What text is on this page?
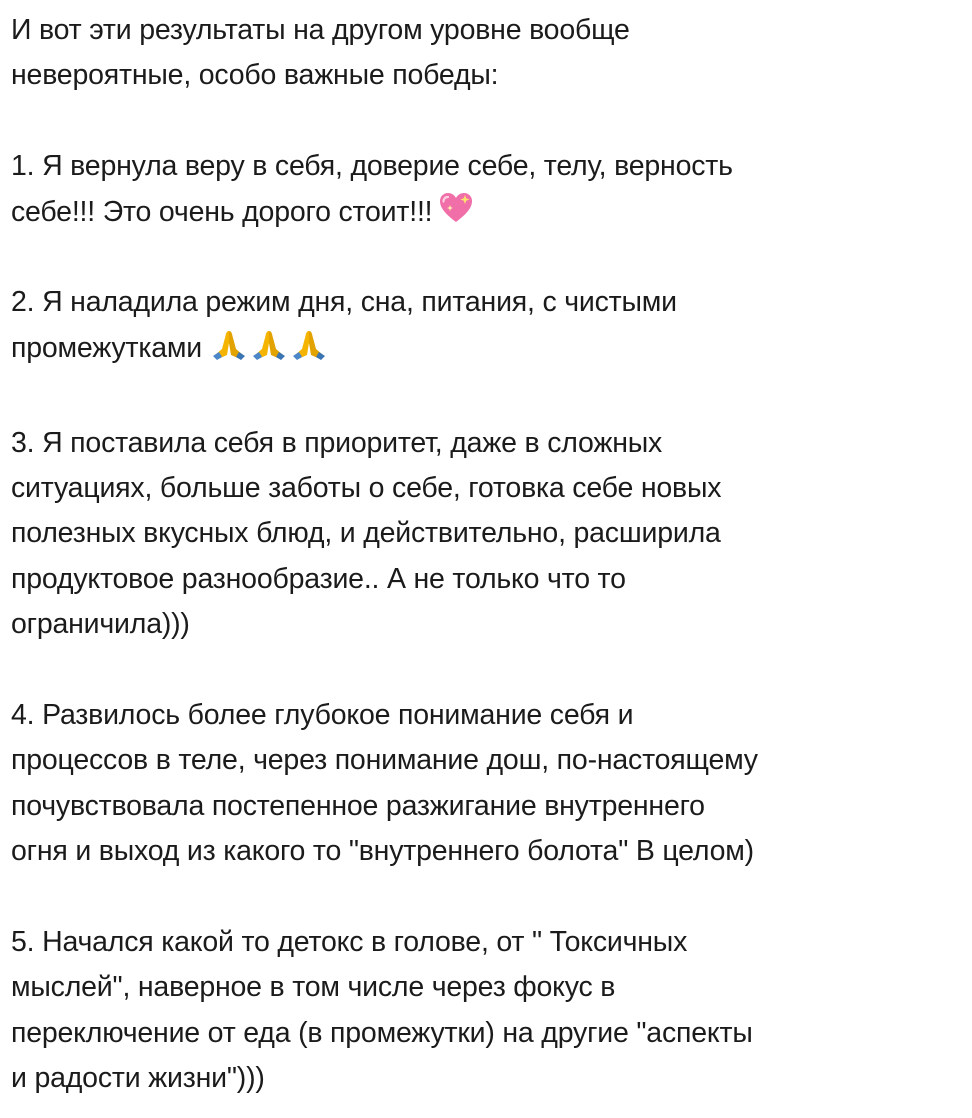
И вот эти результаты на другом уровне вообще
невероятные, особо важные победы:
1. Я вернула веру в себя, доверие себе, телу, верность
себе!!! Это очень дорого стоит!!!
2. Я наладила режим дня, сна, питания, с чистыми
промежутками
3. Я поставила себя в приоритет, даже в сложных
ситуациях, больше заботы о себе, готовка себе новых
полезных вкусных блюд, и действительно, расширила
продуктовое разнообразие.. А не только что то
ограничила)))
4. Развилось более глубокое понимание себя и
процессов в теле, через понимание дош, по-настоящему
почувствовала постепенное разжигание внутреннего
огня и выход из какого то "внутреннего болота" В целом)
5. Начался какой то детокс в голове, от " Токсичных
мыслей", наверное в том числе через фокус в
переключение от еда (в промежутки) на другие "аспекты
и радости жизни")))
